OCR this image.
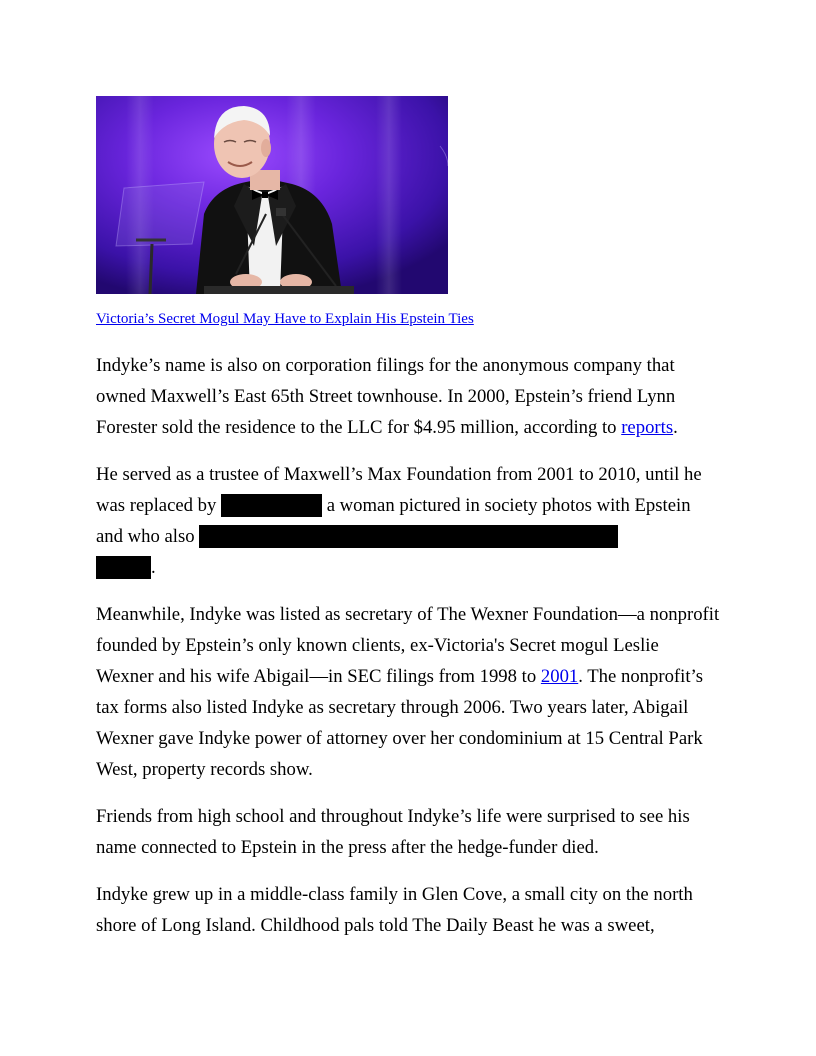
Victoria’s Secret Mogul May Have to Explain His Epstein Ties

Indyke’s name is also on corporation filings for the anonymous company that owned Maxwell’s East 65th Street townhouse. In 2000, Epstein’s friend Lynn Forester sold the residence to the LLC for $4.95 million, according to reports.

He served as a trustee of Maxwell’s Max Foundation from 2001 to 2010, until he was replaced by	a woman pictured in society photos with Epstein and who also
.

Meanwhile, Indyke was listed as secretary of The Wexner Foundation—a nonprofit founded by Epstein’s only known clients, ex-Victoria's Secret mogul Leslie Wexner and his wife Abigail—in SEC filings from 1998 to 2001. The nonprofit’s tax forms also listed Indyke as secretary through 2006. Two years later, Abigail Wexner gave Indyke power of attorney over her condominium at 15 Central Park West, property records show.

Friends from high school and throughout Indyke’s life were surprised to see his name connected to Epstein in the press after the hedge-funder died.

Indyke grew up in a middle-class family in Glen Cove, a small city on the north shore of Long Island. Childhood pals told The Daily Beast he was a sweet,
